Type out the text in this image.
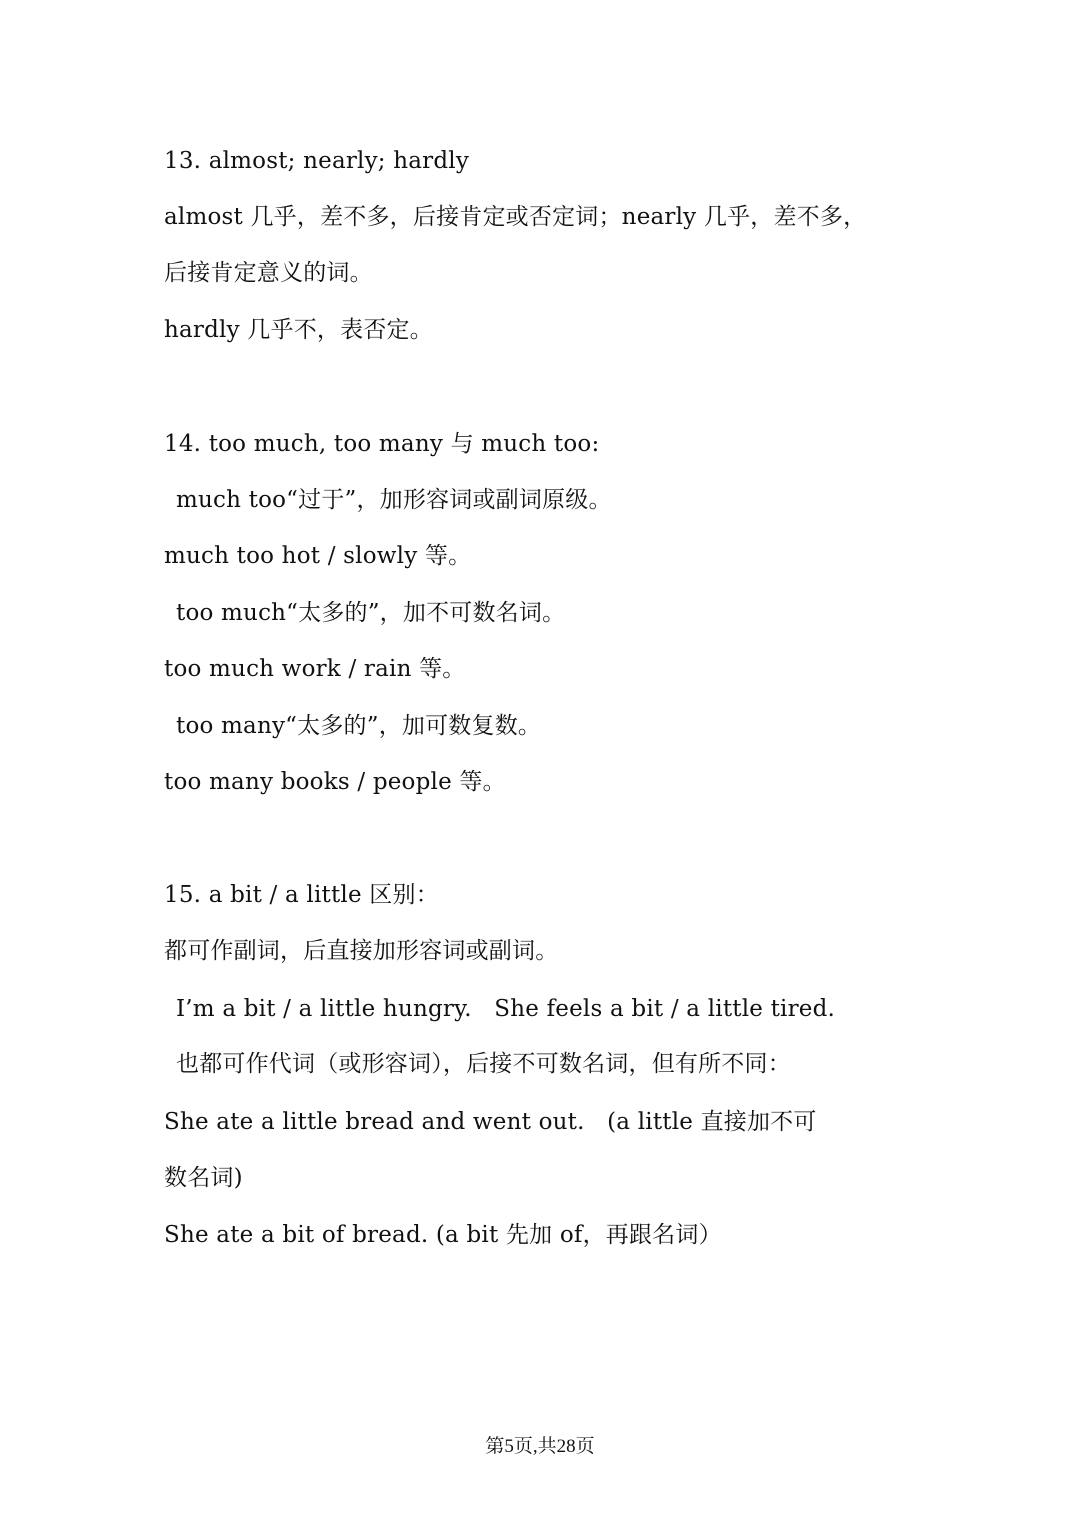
13. almost; nearly; hardly
almost 几乎，差不多，后接肯定或否定词；nearly 几乎，差不多，
后接肯定意义的词。
hardly 几乎不，表否定。
14. too much, too many 与 much too:
much too“过于”，加形容词或副词原级。
much too hot / slowly 等。
too much“太多的”，加不可数名词。
too much work / rain 等。
too many“太多的”，加可数复数。
too many books / people 等。
15. a bit / a little 区别：
都可作副词，后直接加形容词或副词。
I’m a bit / a little hungry.   She feels a bit / a little tired.
也都可作代词（或形容词），后接不可数名词，但有所不同：
She ate a little bread and went out.   (a little 直接加不可
数名词)
She ate a bit of bread. (a bit 先加 of，再跟名词）
第5页,共28页
